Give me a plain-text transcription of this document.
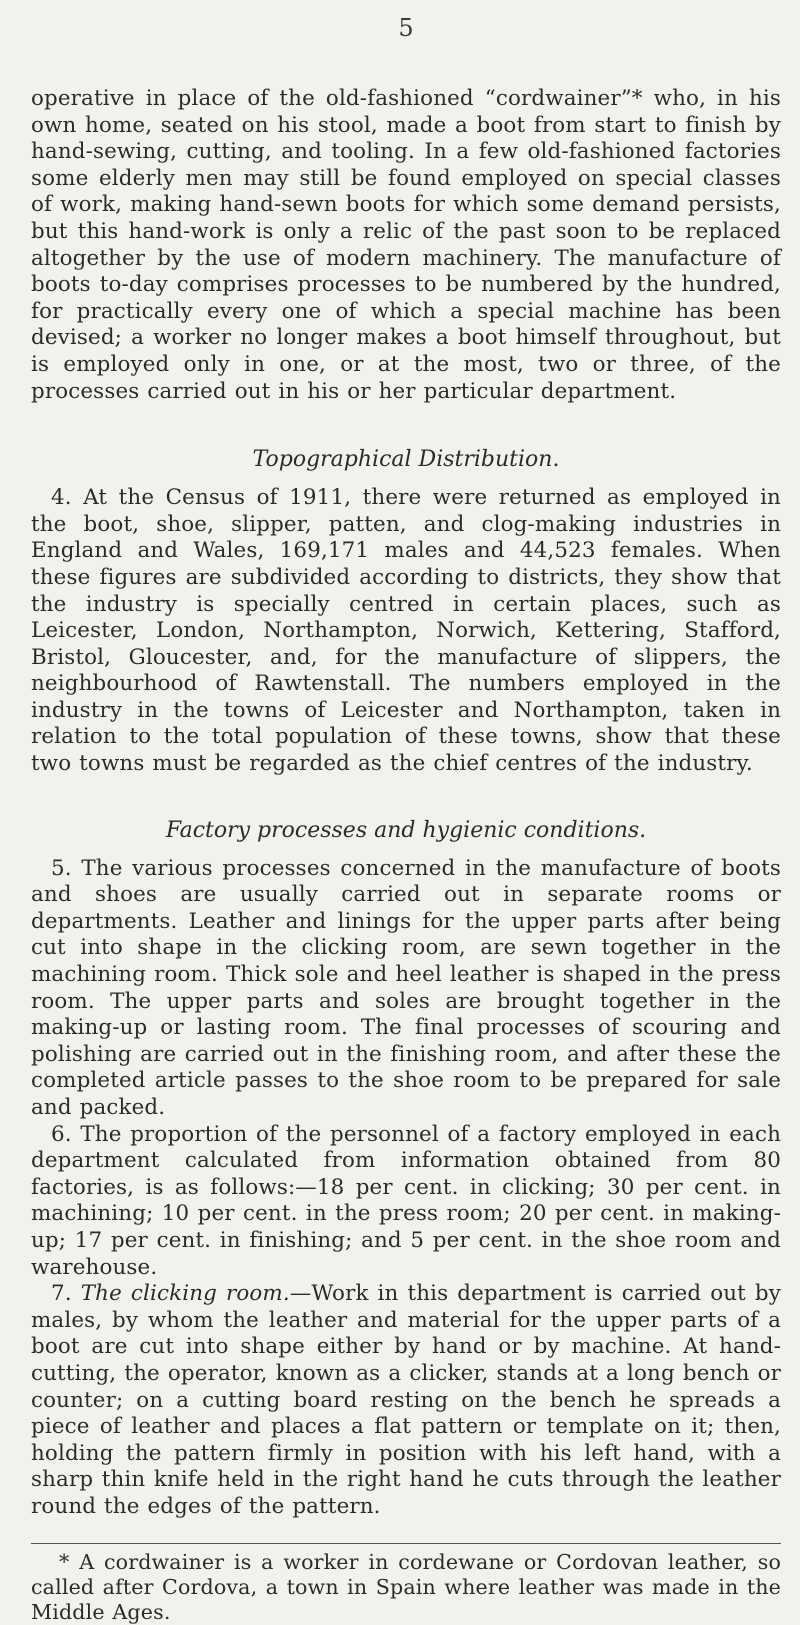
5

operative in place of the old-fashioned “cordwainer”* who, in his own home, seated on his stool, made a boot from start to finish by hand-sewing, cutting, and tooling. In a few old-fashioned factories some elderly men may still be found employed on special classes of work, making hand-sewn boots for which some demand persists, but this hand-work is only a relic of the past soon to be replaced altogether by the use of modern machinery. The manufacture of boots to-day comprises processes to be numbered by the hundred, for practically every one of which a special machine has been devised; a worker no longer makes a boot himself throughout, but is employed only in one, or at the most, two or three, of the processes carried out in his or her particular department.

Topographical Distribution.

4. At the Census of 1911, there were returned as employed in the boot, shoe, slipper, patten, and clog-making industries in England and Wales, 169,171 males and 44,523 females. When these figures are subdivided according to districts, they show that the industry is specially centred in certain places, such as Leicester, London, Northampton, Norwich, Kettering, Stafford, Bristol, Gloucester, and, for the manufacture of slippers, the neighbourhood of Rawtenstall. The numbers employed in the industry in the towns of Leicester and Northampton, taken in relation to the total population of these towns, show that these two towns must be regarded as the chief centres of the industry.

Factory processes and hygienic conditions.

5. The various processes concerned in the manufacture of boots and shoes are usually carried out in separate rooms or departments. Leather and linings for the upper parts after being cut into shape in the clicking room, are sewn together in the machining room. Thick sole and heel leather is shaped in the press room. The upper parts and soles are brought together in the making-up or lasting room. The final processes of scouring and polishing are carried out in the finishing room, and after these the completed article passes to the shoe room to be prepared for sale and packed.

6. The proportion of the personnel of a factory employed in each department calculated from information obtained from 80 factories, is as follows:—18 per cent. in clicking; 30 per cent. in machining; 10 per cent. in the press room; 20 per cent. in making-up; 17 per cent. in finishing; and 5 per cent. in the shoe room and warehouse.

7. The clicking room.—Work in this department is carried out by males, by whom the leather and material for the upper parts of a boot are cut into shape either by hand or by machine. At hand-cutting, the operator, known as a clicker, stands at a long bench or counter; on a cutting board resting on the bench he spreads a piece of leather and places a flat pattern or template on it; then, holding the pattern firmly in position with his left hand, with a sharp thin knife held in the right hand he cuts through the leather round the edges of the pattern.

* A cordwainer is a worker in cordewane or Cordovan leather, so called after Cordova, a town in Spain where leather was made in the Middle Ages.
